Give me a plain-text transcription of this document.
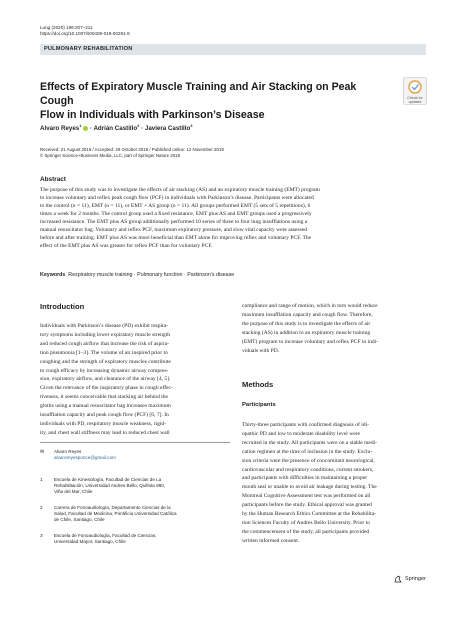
Lung (2020) 198:207–211
https://doi.org/10.1007/s00408-019-00291-8
PULMONARY REHABILITATION
Check for updates
Effects of Expiratory Muscle Training and Air Stacking on Peak Cough
Flow in Individuals with Parkinson’s Disease
Alvaro Reyes$^1$  · Adrián Castillo$^2$ · Javiera Castillo$^3$
Received: 21 August 2019 / Accepted: 29 October 2019 / Published online: 12 November 2019
© Springer Science+Business Media, LLC, part of Springer Nature 2019
Abstract
The purpose of this study was to investigate the effects of air stacking (AS) and an expiratory muscle training (EMT) program
to increase voluntary and reflex peak cough flow (PCF) in individuals with Parkinson’s disease. Participants were allocated
to the control (n = 11), EMT (n = 11), or EMT + AS group (n = 11). All groups performed EMT (5 sets of 5 repetitions), 6
times a week for 2 months. The control group used a fixed resistance, EMT plus AS and EMT groups used a progressively
increased resistance. The EMT plus AS group additionally performed 10 series of three to four lung insufflations using a
manual resuscitator bag. Voluntary and reflex PCF, maximum expiratory pressure, and slow vital capacity were assessed
before and after training. EMT plus AS was more beneficial than EMT alone for improving reflex and voluntary PCF. The
effect of the EMT plus AS was greater for reflex PCF than for voluntary PCF.
Keywords Respiratory muscle training · Pulmonary function · Parkinson’s disease
Introduction
Individuals with Parkinson’s disease (PD) exhibit respira-
tory symptoms including lower expiratory muscle strength
and reduced cough airflow that increase the risk of aspira-
tion pneumonia [1–3]. The volume of air inspired prior to
coughing and the strength of expiratory muscles contribute
to cough efficacy by increasing dynamic airway compres-
sion, expiratory airflow, and clearance of the airway [4, 5].
Given the relevance of the inspiratory phase in cough effec-
tiveness, it seems conceivable that stacking air behind the
glottis using a manual resuscitator bag increases maximum
insufflation capacity and peak cough flow (PCF) [6, 7]. In
individuals with PD, respiratory muscle weakness, rigid-
ity, and chest wall stiffness may lead to reduced chest wall
✉ Alvaro Reyes
alvaroreyesponce@gmail.com
1 Escuela de Kinesiología, Facultad de Ciencias de La
Rehabilitación, Universidad Andres Bello, Quillota 980,
Viña del Mar, Chile
2 Carrera de Fonoaudiología, Departamento Ciencias de la
Salud, Facultad de Medicina, Pontificia Universidad Católica
de Chile, Santiago, Chile
3 Escuela de Fonoaudiología, Facultad de Ciencias,
Universidad Mayor, Santiago, Chile
compliance and range of motion, which in turn would reduce
maximum insufflation capacity and cough flow. Therefore,
the purpose of this study is to investigate the effects of air
stacking (AS) in addition to an expiratory muscle training
(EMT) program to increase voluntary and reflex PCF in indi-
viduals with PD.
Methods
Participants
Thirty-three participants with confirmed diagnosis of idi-
opathic PD and low to moderate disability level were
recruited in the study. All participants were on a stable medi-
cation regimen at the time of inclusion in the study. Exclu-
sion criteria were the presence of concomitant neurological,
cardiovascular and respiratory conditions, current smokers,
and participants with difficulties in maintaining a proper
mouth seal or unable to avoid air leakage during testing. The
Montreal Cognitive Assessment test was performed on all
participants before the study. Ethical approval was granted
by the Human Research Ethics Committee at the Rehabilita-
tion Sciences Faculty of Andres Bello University. Prior to
the commencement of the study, all participants provided
written informed consent.
Springer
